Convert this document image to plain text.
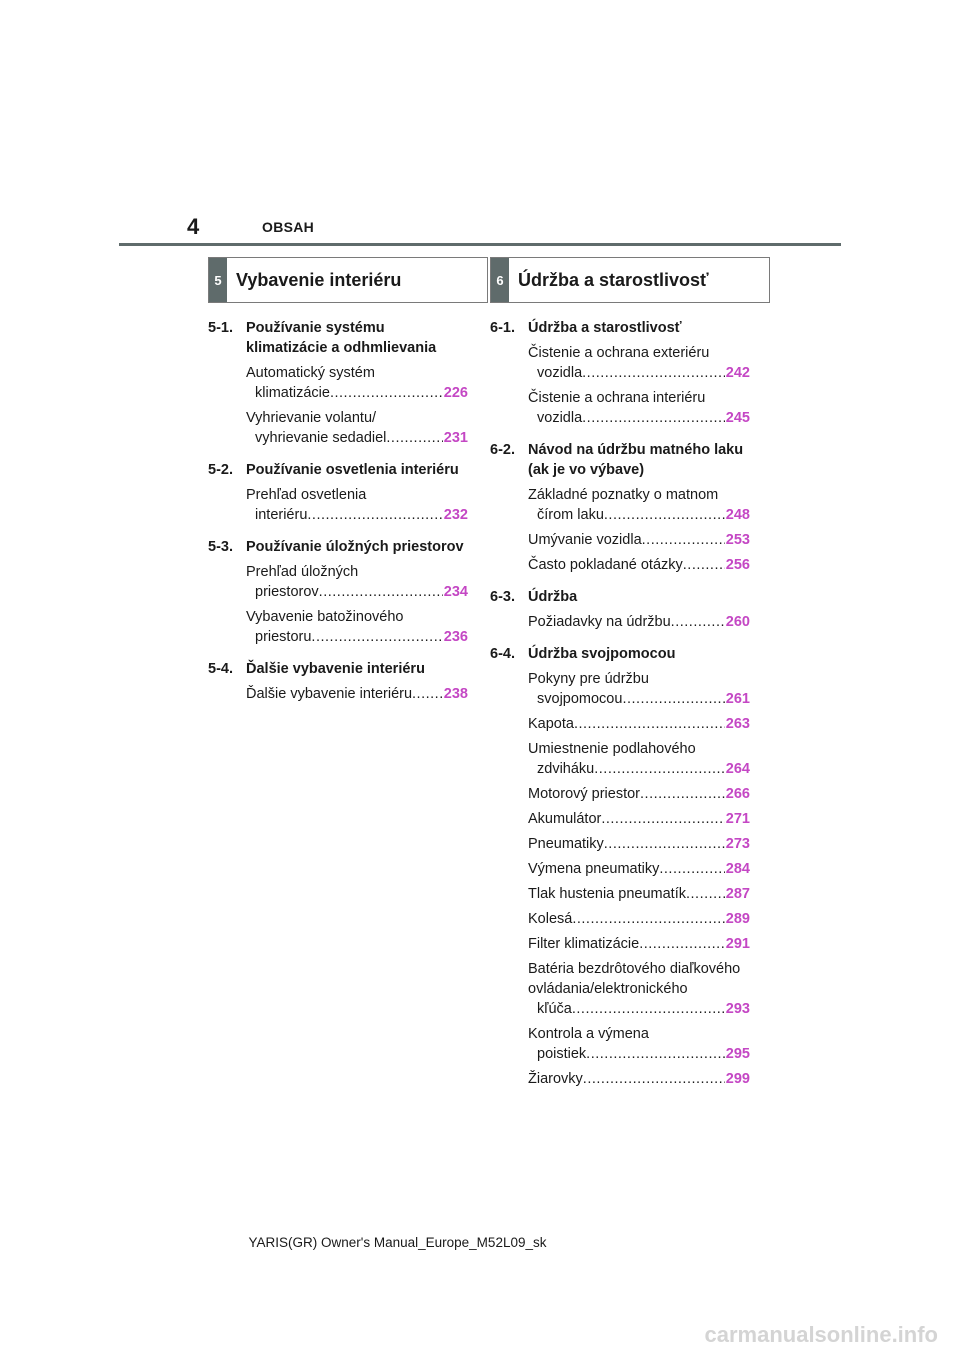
4	OBSAH
5 Vybavenie interiéru	6 Údržba a starostlivosť
5-1. Používanie systému klimatizácie a odhmlievania
Automatický systém
klimatizácie .....	226
Vyhrievanie volantu/
vyhrievanie sedadiel .....	231
5-2. Používanie osvetlenia interiéru
Prehľad osvetlenia
interiéru .....	232
5-3. Používanie úložných priestorov
Prehľad úložných
priestorov .....	234
Vybavenie batožinového
priestoru .....	236
5-4. Ďalšie vybavenie interiéru
Ďalšie vybavenie interiéru ..... 238
6-1. Údržba a starostlivosť
Čistenie a ochrana exteriéru
vozidla .....	242
Čistenie a ochrana interiéru
vozidla .....	245
6-2. Návod na údržbu matného laku (ak je vo výbave)
Základné poznatky o matnom
čírom laku .....	248
Umývanie vozidla .....	253
Často pokladané otázky .....	256
6-3. Údržba
Požiadavky na údržbu .....	260
6-4. Údržba svojpomocou
Pokyny pre údržbu
svojpomocou .....	261
Kapota .....	263
Umiestnenie podlahového
zdviháku .....	264
Motorový priestor .....	266
Akumulátor .....	271
Pneumatiky .....	273
Výmena pneumatiky .....	284
Tlak hustenia pneumatík .....	287
Kolesá .....	289
Filter klimatizácie .....	291
Batéria bezdrôtového diaľkového ovládania/elektronického
kľúča .....	293
Kontrola a výmena
poistiek .....	295
Žiarovky .....	299
YARIS(GR) Owner's Manual_Europe_M52L09_sk
carmanualsonline.info
